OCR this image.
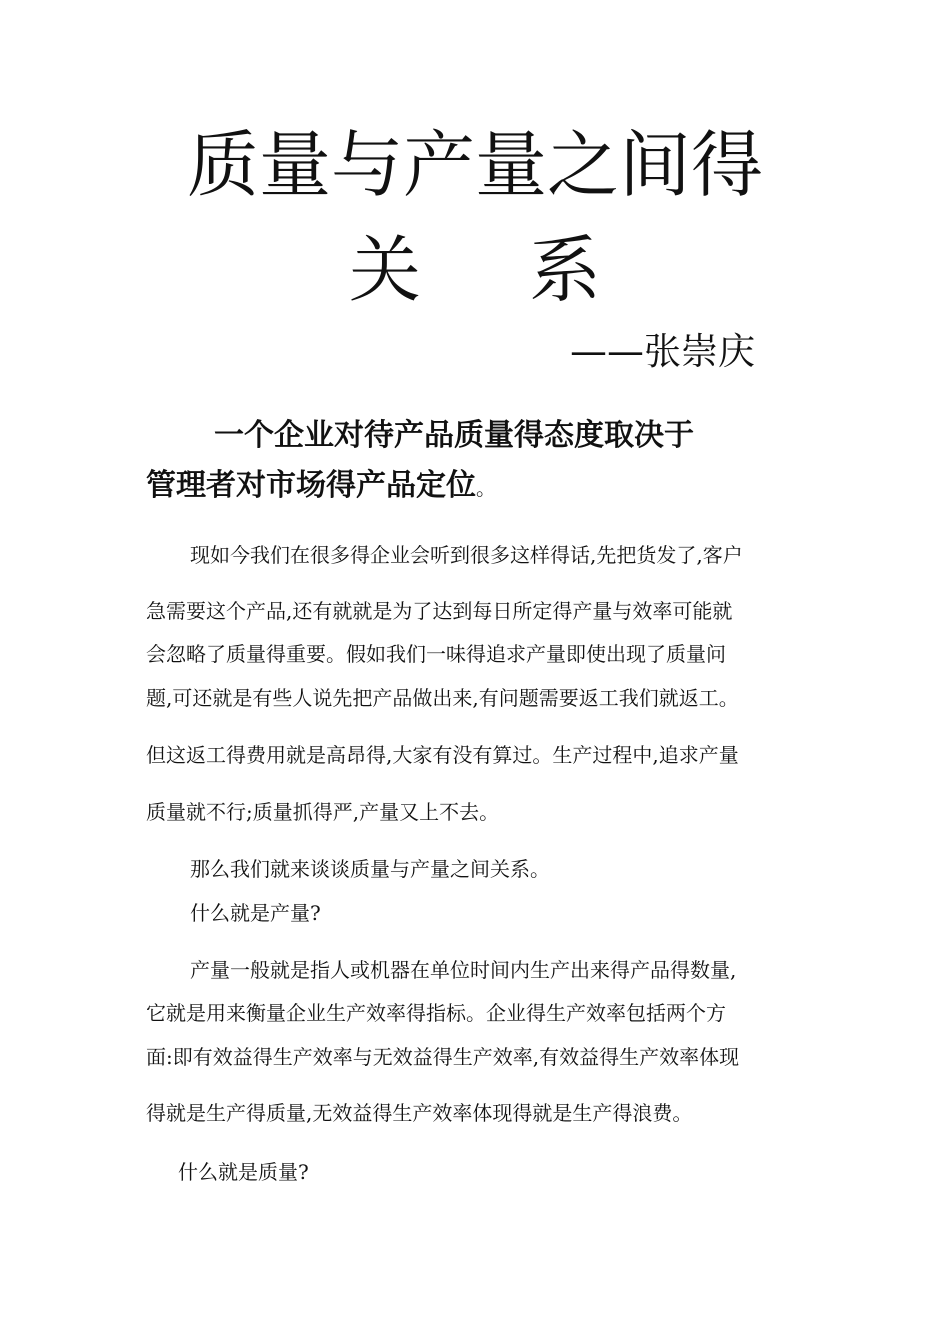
质量与产量之间得
关 系
——张崇庆
一个企业对待产品质量得态度取决于
管理者对市场得产品定位。
现如今我们在很多得企业会听到很多这样得话,先把货发了,客户
急需要这个产品,还有就就是为了达到每日所定得产量与效率可能就
会忽略了质量得重要。假如我们一味得追求产量即使出现了质量问
题,可还就是有些人说先把产品做出来,有问题需要返工我们就返工。
但这返工得费用就是高昂得,大家有没有算过。生产过程中,追求产量
质量就不行;质量抓得严,产量又上不去。
那么我们就来谈谈质量与产量之间关系。
什么就是产量?
产量一般就是指人或机器在单位时间内生产出来得产品得数量,
它就是用来衡量企业生产效率得指标。企业得生产效率包括两个方
面:即有效益得生产效率与无效益得生产效率,有效益得生产效率体现
得就是生产得质量,无效益得生产效率体现得就是生产得浪费。
什么就是质量?
